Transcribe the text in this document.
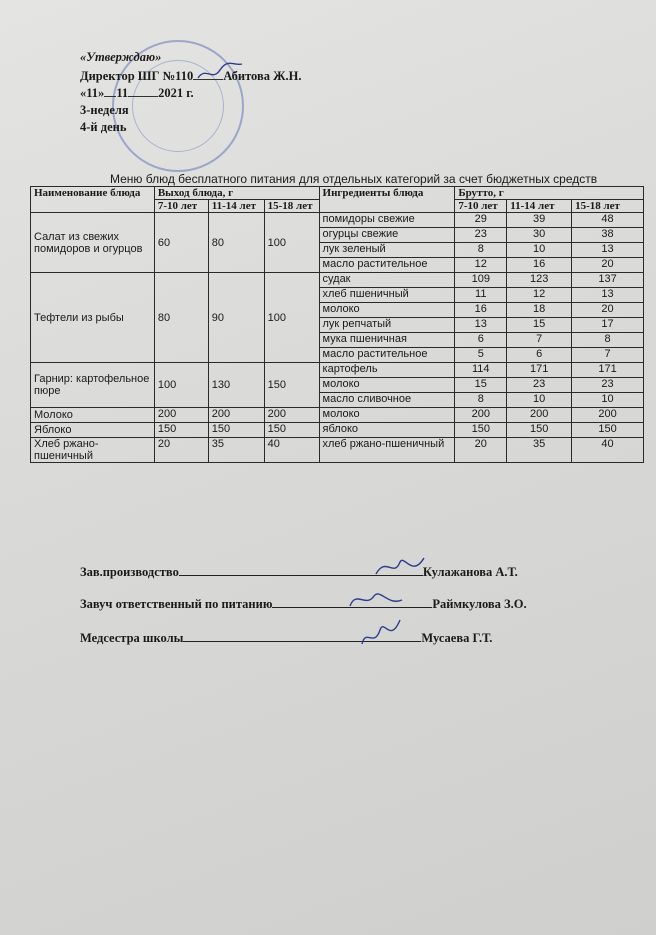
«Утверждаю»
Директор ШГ №110 Абитова Ж.Н.
«11» 11 2021 г.
3-неделя
4-й день
Меню блюд бесплатного питания для отдельных категорий за счет бюджетных средств
Наименование блюда	Выход блюда, г			Ингредиенты блюда	Брутто, г		
	7-10 лет	11-14 лет	15-18 лет		7-10 лет	11-14 лет	15-18 лет
Салат из свежих помидоров и огурцов	60	80	100	помидоры свежие	29	39	48
				огурцы свежие	23	30	38
				лук зеленый	8	10	13
				масло растительное	12	16	20
Тефтели из рыбы	80	90	100	судак	109	123	137
				хлеб пшеничный	11	12	13
				молоко	16	18	20
				лук репчатый	13	15	17
				мука пшеничная	6	7	8
				масло растительное	5	6	7
Гарнир: картофельное пюре	100	130	150	картофель	114	171	171
				молоко	15	23	23
				масло сливочное	8	10	10
Молоко	200	200	200	молоко	200	200	200
Яблоко	150	150	150	яблоко	150	150	150
Хлеб ржано-пшеничный	20	35	40	хлеб ржано-пшеничный	20	35	40
Зав.производство	Кулажанова А.Т.
Завуч ответственный по питанию	Раймкулова З.О.
Медсестра школы	Мусаева Г.Т.
